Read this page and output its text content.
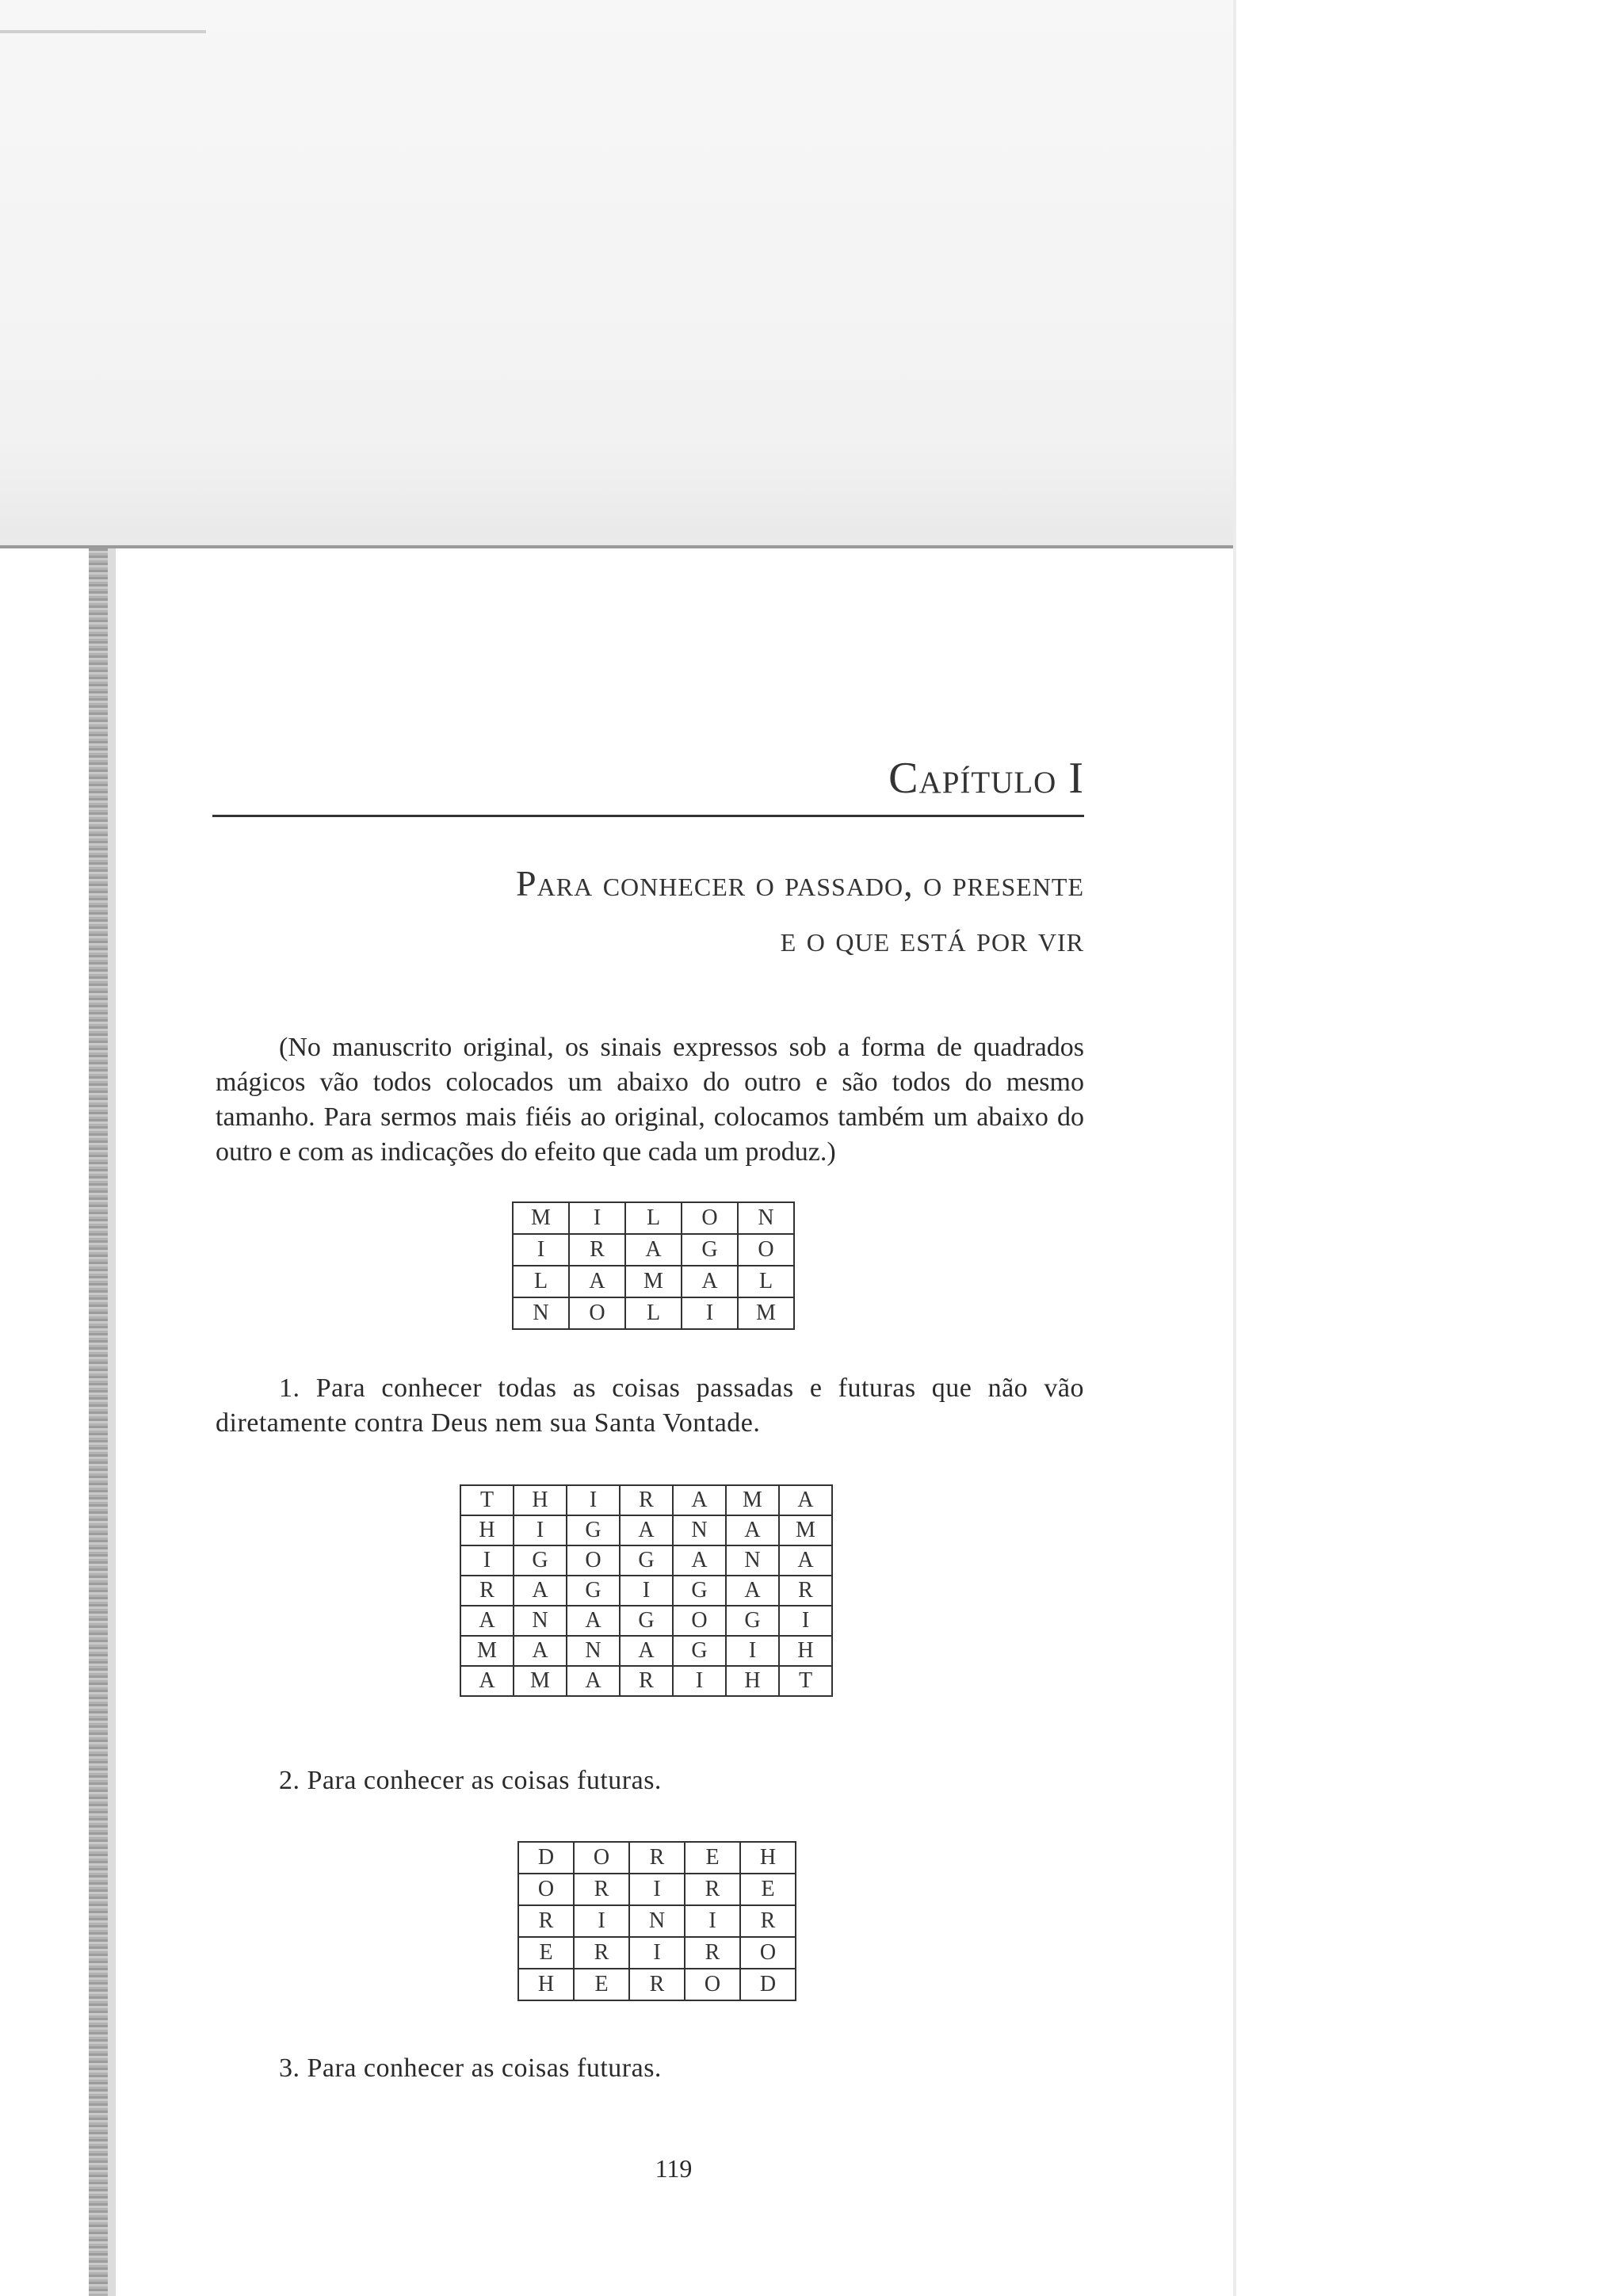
Capítulo I
Para conhecer o passado, o presente
e o que está por vir

(No manuscrito original, os sinais expressos sob a forma de quadrados mágicos vão todos colocados um abaixo do outro e são todos do mesmo tamanho. Para sermos mais fiéis ao original, colocamos também um abaixo do outro e com as indicações do efeito que cada um produz.)

M	I	L	O	N
I	R	A	G	O
L	A	M	A	L
N	O	L	I	M

1. Para conhecer todas as coisas passadas e futuras que não vão diretamente contra Deus nem sua Santa Vontade.

T	H	I	R	A	M	A
H	I	G	A	N	A	M
I	G	O	G	A	N	A
R	A	G	I	G	A	R
A	N	A	G	O	G	I
M	A	N	A	G	I	H
A	M	A	R	I	H	T

2. Para conhecer as coisas futuras.

D	O	R	E	H
O	R	I	R	E
R	I	N	I	R
E	R	I	R	O
H	E	R	O	D

3. Para conhecer as coisas futuras.

119
